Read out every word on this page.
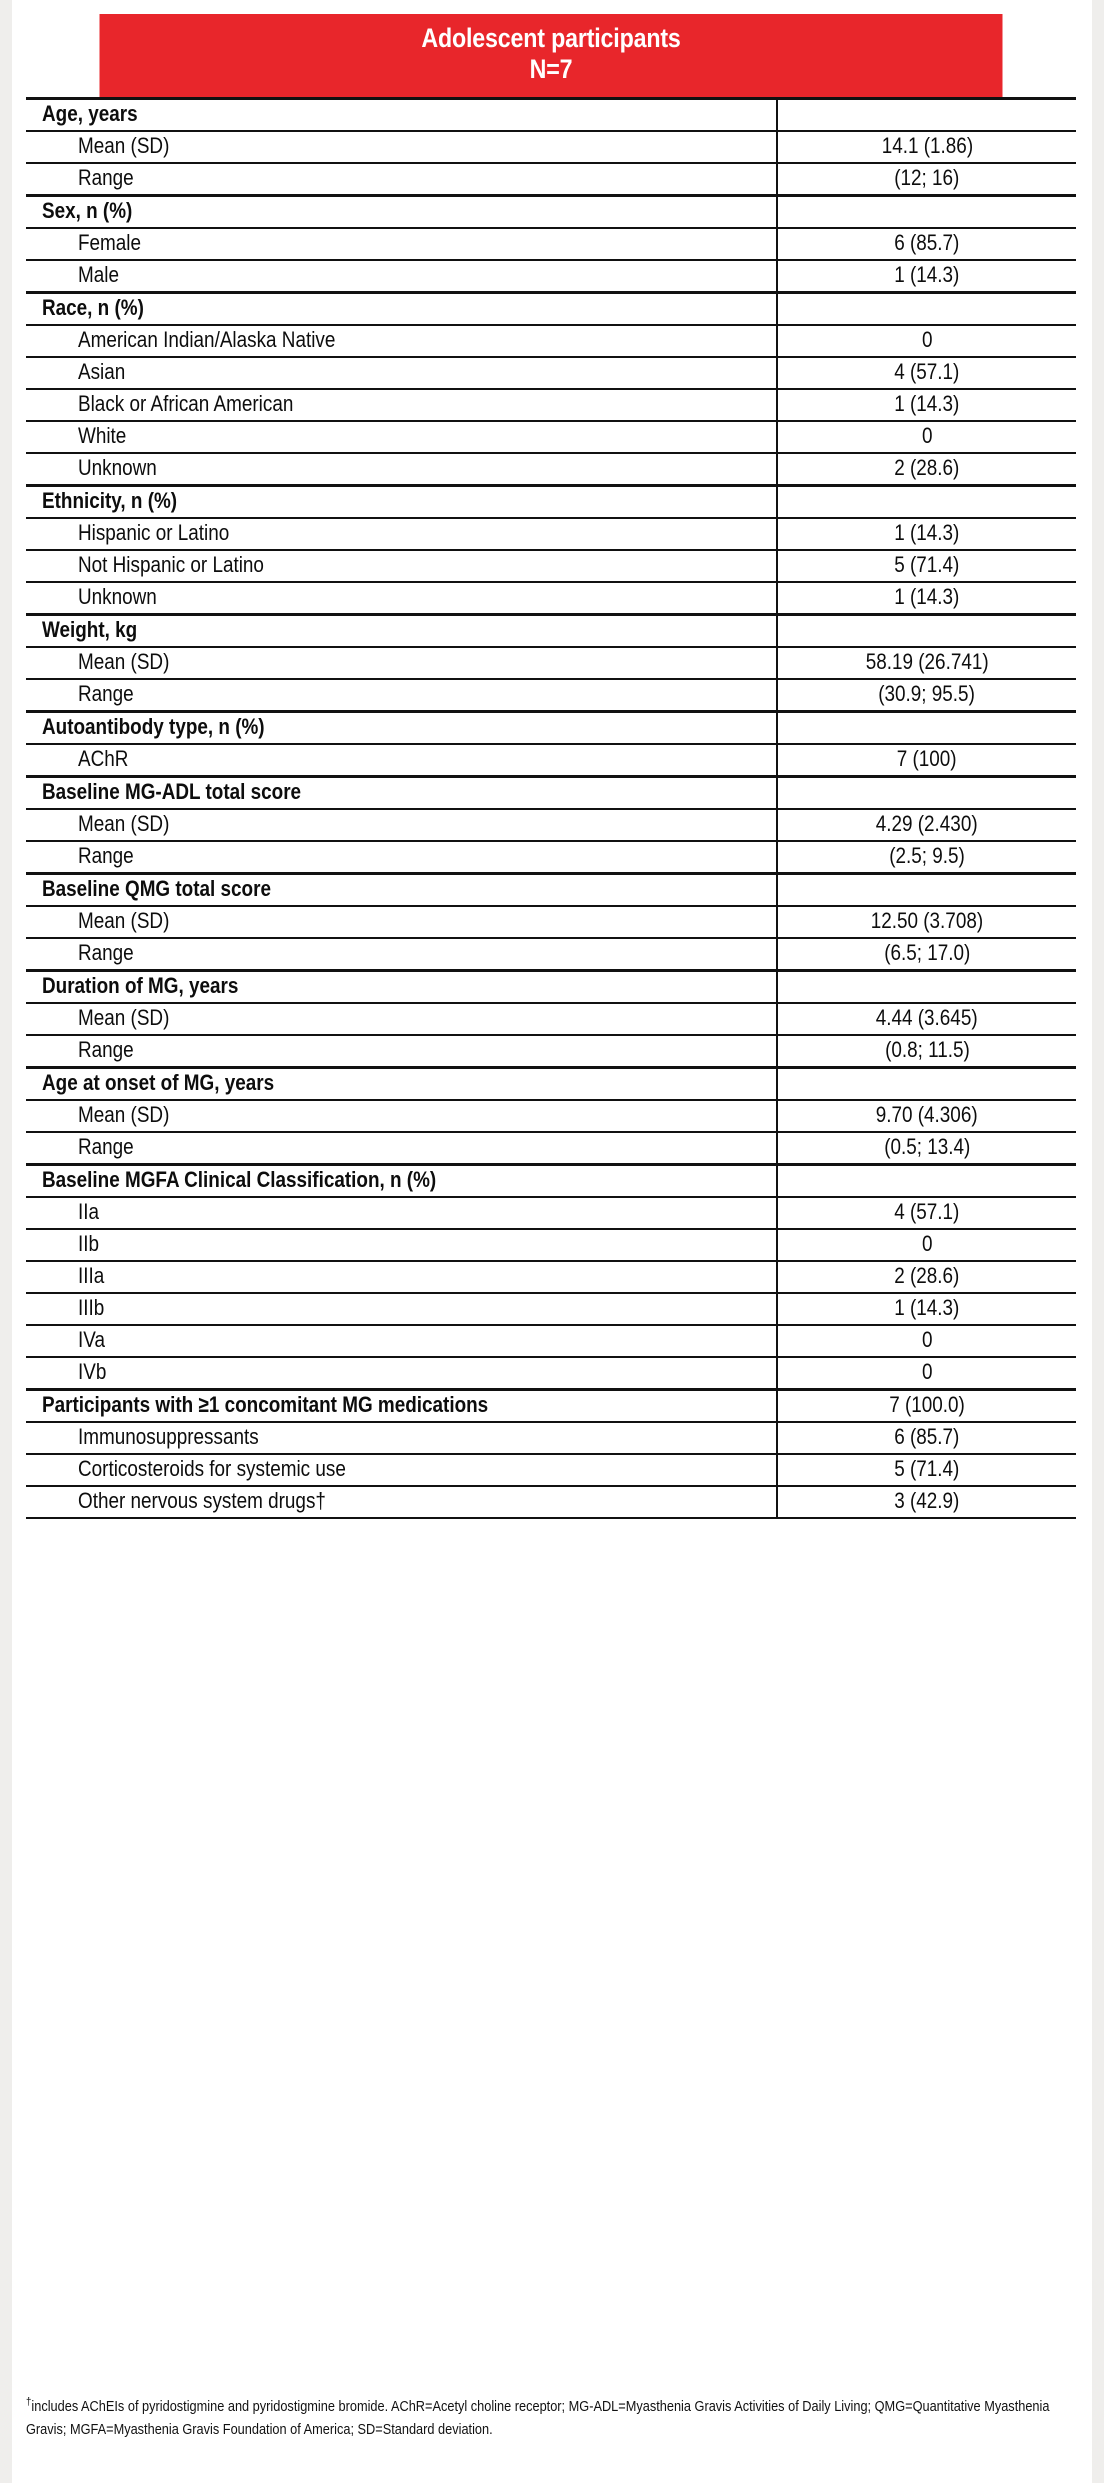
Adolescent participants
N=7	

Age, years	
Mean (SD)	14.1 (1.86)
Range	(12; 16)
Sex, n (%)	
Female	6 (85.7)
Male	1 (14.3)
Race, n (%)	
American Indian/Alaska Native	0
Asian	4 (57.1)
Black or African American	1 (14.3)
White	0
Unknown	2 (28.6)
Ethnicity, n (%)	
Hispanic or Latino	1 (14.3)
Not Hispanic or Latino	5 (71.4)
Unknown	1 (14.3)
Weight, kg	
Mean (SD)	58.19 (26.741)
Range	(30.9; 95.5)
Autoantibody type, n (%)	
AChR	7 (100)
Baseline MG-ADL total score	
Mean (SD)	4.29 (2.430)
Range	(2.5; 9.5)
Baseline QMG total score	
Mean (SD)	12.50 (3.708)
Range	(6.5; 17.0)
Duration of MG, years	
Mean (SD)	4.44 (3.645)
Range	(0.8; 11.5)
Age at onset of MG, years	
Mean (SD)	9.70 (4.306)
Range	(0.5; 13.4)
Baseline MGFA Clinical Classification, n (%)	
IIa	4 (57.1)
IIb	0
IIIa	2 (28.6)
IIIb	1 (14.3)
IVa	0
IVb	0
Participants with ≥1 concomitant MG medications	7 (100.0)
Immunosuppressants	6 (85.7)
Corticosteroids for systemic use	5 (71.4)
Other nervous system drugs†	3 (42.9)
†includes AChEIs of pyridostigmine and pyridostigmine bromide. AChR=Acetyl choline receptor; MG-ADL=Myasthenia Gravis Activities of Daily Living; QMG=Quantitative Myasthenia Gravis; MGFA=Myasthenia Gravis Foundation of America; SD=Standard deviation.
